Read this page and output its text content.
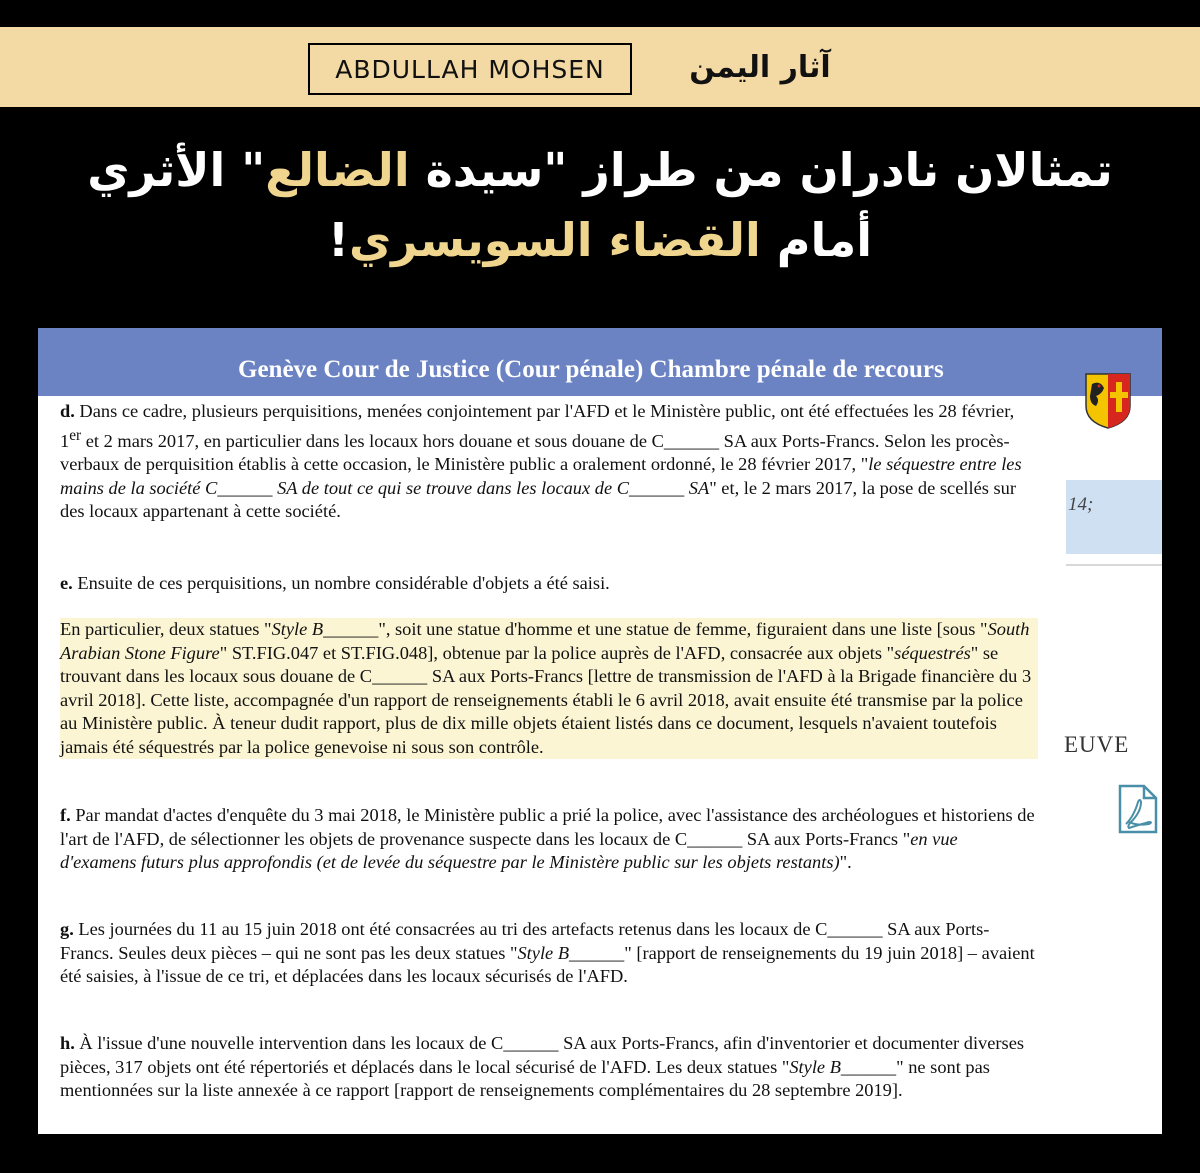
ABDULLAH MOHSEN	آثار اليمن
تمثالان نادران من طراز "سيدة الضالع" الأثري
أمام القضاء السويسري!
Genève Cour de Justice (Cour pénale) Chambre pénale de recours
14;
EUVE

d. Dans ce cadre, plusieurs perquisitions, menées conjointement par l'AFD et le Ministère public, ont été effectuées les 28 février, 1er et 2 mars 2017, en particulier dans les locaux hors douane et sous douane de C______ SA aux Ports-Francs. Selon les procès-verbaux de perquisition établis à cette occasion, le Ministère public a oralement ordonné, le 28 février 2017, "le séquestre entre les mains de la société C______ SA de tout ce qui se trouve dans les locaux de C______ SA" et, le 2 mars 2017, la pose de scellés sur des locaux appartenant à cette société.

e. Ensuite de ces perquisitions, un nombre considérable d'objets a été saisi.

En particulier, deux statues "Style B______", soit une statue d'homme et une statue de femme, figuraient dans une liste [sous "South Arabian Stone Figure" ST.FIG.047 et ST.FIG.048], obtenue par la police auprès de l'AFD, consacrée aux objets "séquestrés" se trouvant dans les locaux sous douane de C______ SA aux Ports-Francs [lettre de transmission de l'AFD à la Brigade financière du 3 avril 2018]. Cette liste, accompagnée d'un rapport de renseignements établi le 6 avril 2018, avait ensuite été transmise par la police au Ministère public. À teneur dudit rapport, plus de dix mille objets étaient listés dans ce document, lesquels n'avaient toutefois jamais été séquestrés par la police genevoise ni sous son contrôle.

f. Par mandat d'actes d'enquête du 3 mai 2018, le Ministère public a prié la police, avec l'assistance des archéologues et historiens de l'art de l'AFD, de sélectionner les objets de provenance suspecte dans les locaux de C______ SA aux Ports-Francs "en vue d'examens futurs plus approfondis (et de levée du séquestre par le Ministère public sur les objets restants)".

g. Les journées du 11 au 15 juin 2018 ont été consacrées au tri des artefacts retenus dans les locaux de C______ SA aux Ports-Francs. Seules deux pièces – qui ne sont pas les deux statues "Style B______" [rapport de renseignements du 19 juin 2018] – avaient été saisies, à l'issue de ce tri, et déplacées dans les locaux sécurisés de l'AFD.

h. À l'issue d'une nouvelle intervention dans les locaux de C______ SA aux Ports-Francs, afin d'inventorier et documenter diverses pièces, 317 objets ont été répertoriés et déplacés dans le local sécurisé de l'AFD. Les deux statues "Style B______" ne sont pas mentionnées sur la liste annexée à ce rapport [rapport de renseignements complémentaires du 28 septembre 2019].
